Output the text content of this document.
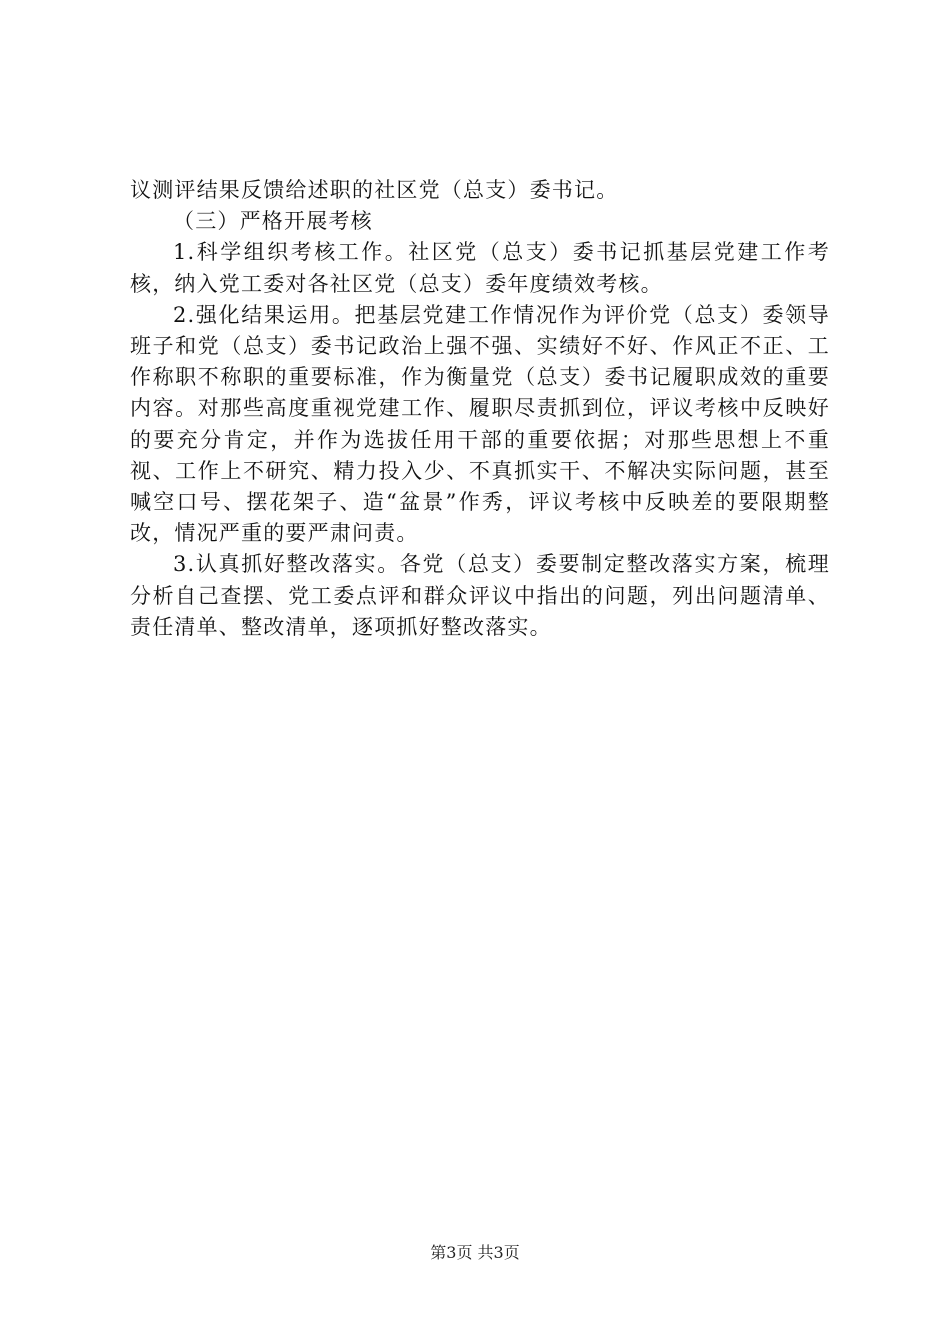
议测评结果反馈给述职的社区党（总支）委书记。

（三）严格开展考核

1.科学组织考核工作。社区党（总支）委书记抓基层党建工作考核，纳入党工委对各社区党（总支）委年度绩效考核。

2.强化结果运用。把基层党建工作情况作为评价党（总支）委领导班子和党（总支）委书记政治上强不强、实绩好不好、作风正不正、工作称职不称职的重要标准，作为衡量党（总支）委书记履职成效的重要内容。对那些高度重视党建工作、履职尽责抓到位，评议考核中反映好的要充分肯定，并作为选拔任用干部的重要依据；对那些思想上不重视、工作上不研究、精力投入少、不真抓实干、不解决实际问题，甚至喊空口号、摆花架子、造“盆景”作秀，评议考核中反映差的要限期整改，情况严重的要严肃问责。

3.认真抓好整改落实。各党（总支）委要制定整改落实方案，梳理分析自己查摆、党工委点评和群众评议中指出的问题，列出问题清单、责任清单、整改清单，逐项抓好整改落实。

第3页 共3页
